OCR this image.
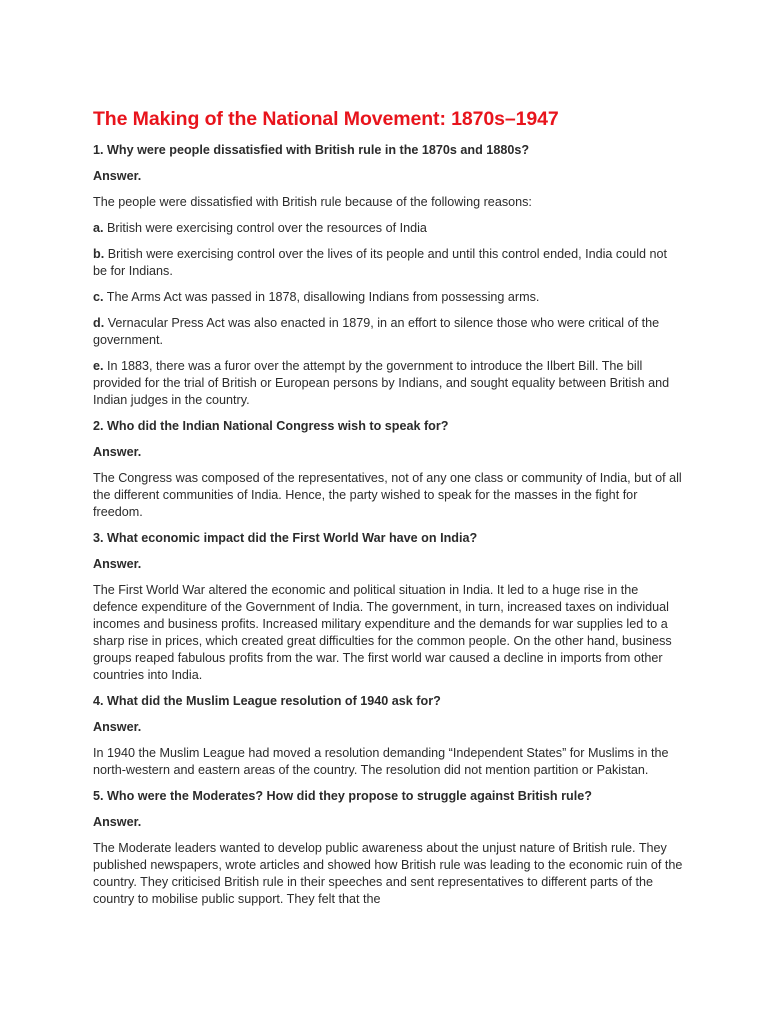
The Making of the National Movement: 1870s–1947

1. Why were people dissatisfied with British rule in the 1870s and 1880s?

Answer.

The people were dissatisfied with British rule because of the following reasons:

a. British were exercising control over the resources of India

b. British were exercising control over the lives of its people and until this control ended, India could not be for Indians.

c. The Arms Act was passed in 1878, disallowing Indians from possessing arms.

d. Vernacular Press Act was also enacted in 1879, in an effort to silence those who were critical of the government.

e. In 1883, there was a furor over the attempt by the government to introduce the Ilbert Bill. The bill provided for the trial of British or European persons by Indians, and sought equality between British and Indian judges in the country.

2. Who did the Indian National Congress wish to speak for?

Answer.

The Congress was composed of the representatives, not of any one class or community of India, but of all the different communities of India. Hence, the party wished to speak for the masses in the fight for freedom.

3. What economic impact did the First World War have on India?

Answer.

The First World War altered the economic and political situation in India. It led to a huge rise in the defence expenditure of the Government of India. The government, in turn, increased taxes on individual incomes and business profits. Increased military expenditure and the demands for war supplies led to a sharp rise in prices, which created great difficulties for the common people. On the other hand, business groups reaped fabulous profits from the war. The first world war caused a decline in imports from other countries into India.

4. What did the Muslim League resolution of 1940 ask for?

Answer.

In 1940 the Muslim League had moved a resolution demanding “Independent States” for Muslims in the north-western and eastern areas of the country. The resolution did not mention partition or Pakistan.

5. Who were the Moderates? How did they propose to struggle against British rule?

Answer.

The Moderate leaders wanted to develop public awareness about the unjust nature of British rule. They published newspapers, wrote articles and showed how British rule was leading to the economic ruin of the country. They criticised British rule in their speeches and sent representatives to different parts of the country to mobilise public support. They felt that the
